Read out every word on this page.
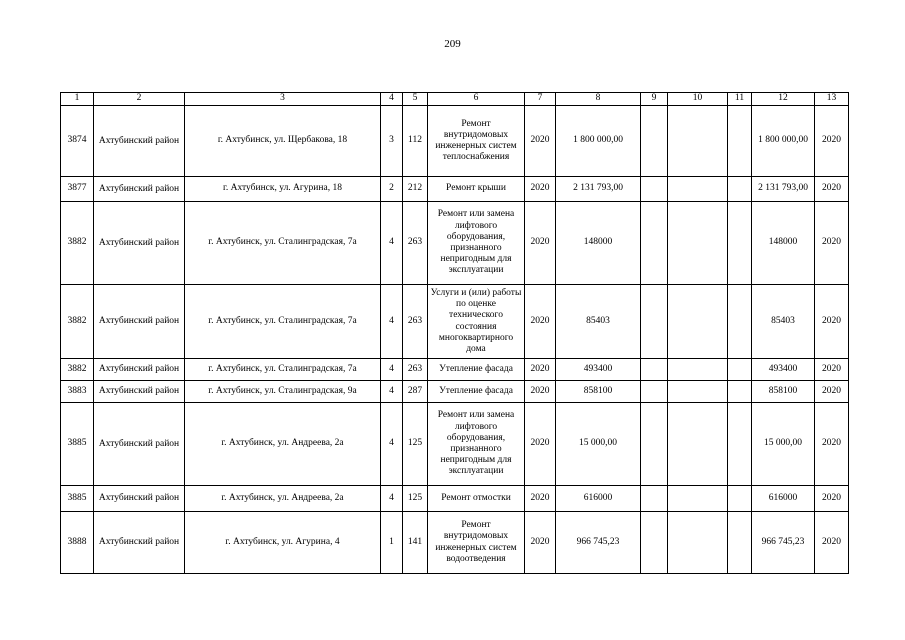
209
1	2	3	4	5	6	7	8	9	10	11	12	13
3874	Ахтубинский район	г. Ахтубинск, ул. Щербакова, 18	3	112	Ремонт внутридомовых инженерных систем теплоснабжения	2020	1 800 000,00				1 800 000,00	2020
3877	Ахтубинский район	г. Ахтубинск, ул. Агурина, 18	2	212	Ремонт крыши	2020	2 131 793,00				2 131 793,00	2020
3882	Ахтубинский район	г. Ахтубинск, ул. Сталинградская, 7а	4	263	Ремонт или замена лифтового оборудования, признанного непригодным для эксплуатации	2020	148000				148000	2020
3882	Ахтубинский район	г. Ахтубинск, ул. Сталинградская, 7а	4	263	Услуги и (или) работы по оценке технического состояния многоквартирного дома	2020	85403				85403	2020
3882	Ахтубинский район	г. Ахтубинск, ул. Сталинградская, 7а	4	263	Утепление фасада	2020	493400				493400	2020
3883	Ахтубинский район	г. Ахтубинск, ул. Сталинградская, 9а	4	287	Утепление фасада	2020	858100				858100	2020
3885	Ахтубинский район	г. Ахтубинск, ул. Андреева, 2а	4	125	Ремонт или замена лифтового оборудования, признанного непригодным для эксплуатации	2020	15 000,00				15 000,00	2020
3885	Ахтубинский район	г. Ахтубинск, ул. Андреева, 2а	4	125	Ремонт отмостки	2020	616000				616000	2020
3888	Ахтубинский район	г. Ахтубинск, ул. Агурина, 4	1	141	Ремонт внутридомовых инженерных систем водоотведения	2020	966 745,23				966 745,23	2020
